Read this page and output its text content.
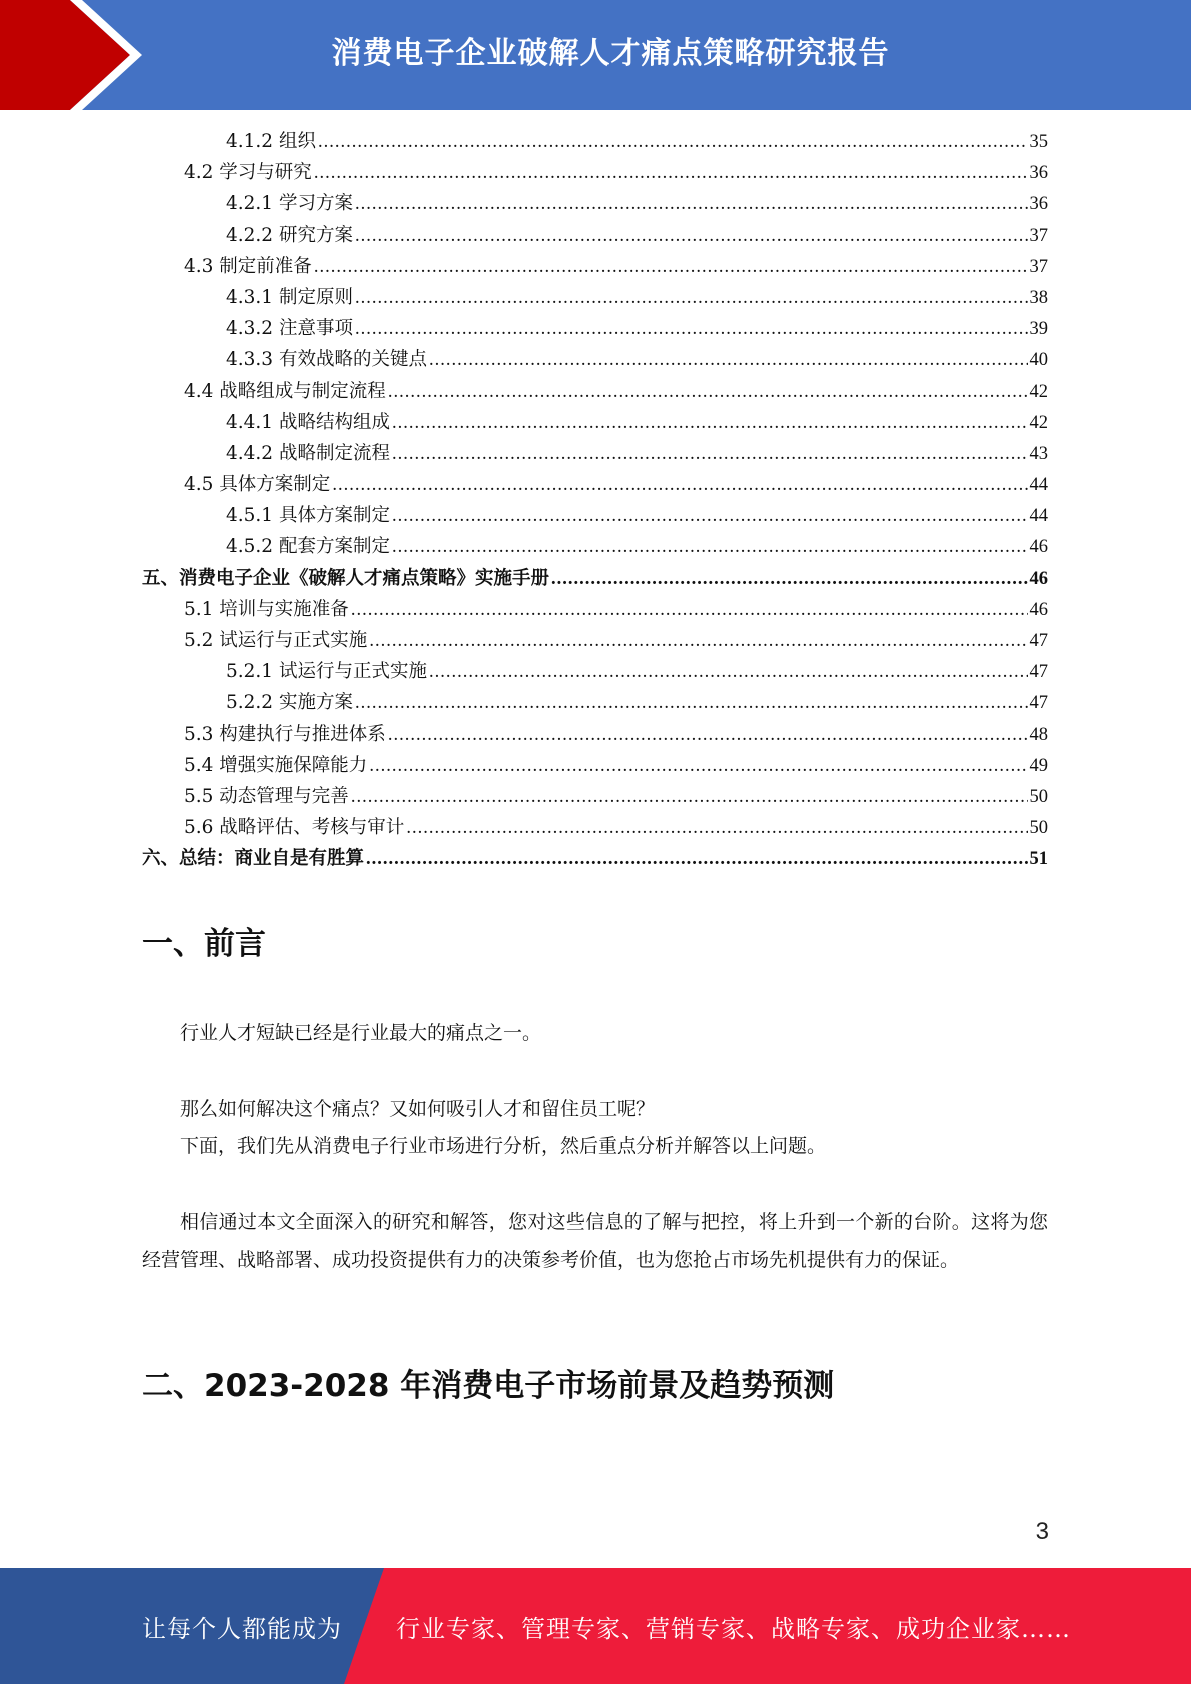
消费电子企业破解人才痛点策略研究报告
4.1.2 组织 .....	35
4.2 学习与研究 .....	36
4.2.1 学习方案 .....	36
4.2.2 研究方案 .....	37
4.3 制定前准备 .....	37
4.3.1 制定原则 .....	38
4.3.2 注意事项 .....	39
4.3.3 有效战略的关键点 .....	40
4.4 战略组成与制定流程 .....	42
4.4.1 战略结构组成 .....	42
4.4.2 战略制定流程 .....	43
4.5 具体方案制定 .....	44
4.5.1 具体方案制定 .....	44
4.5.2 配套方案制定 .....	46
五、消费电子企业《破解人才痛点策略》实施手册 .....	46
5.1 培训与实施准备 .....	46
5.2 试运行与正式实施 .....	47
5.2.1 试运行与正式实施 .....	47
5.2.2 实施方案 .....	47
5.3 构建执行与推进体系 .....	48
5.4 增强实施保障能力 .....	49
5.5 动态管理与完善 .....	50
5.6 战略评估、考核与审计 .....	50
六、总结：商业自是有胜算 .....	51
一、前言
行业人才短缺已经是行业最大的痛点之一。
那么如何解决这个痛点？又如何吸引人才和留住员工呢？
下面，我们先从消费电子行业市场进行分析，然后重点分析并解答以上问题。
相信通过本文全面深入的研究和解答，您对这些信息的了解与把控，将上升到一个新的台阶。这将为您经营管理、战略部署、成功投资提供有力的决策参考价值，也为您抢占市场先机提供有力的保证。
二、2023-2028 年消费电子市场前景及趋势预测
3
让每个人都能成为 行业专家、管理专家、营销专家、战略专家、成功企业家……
